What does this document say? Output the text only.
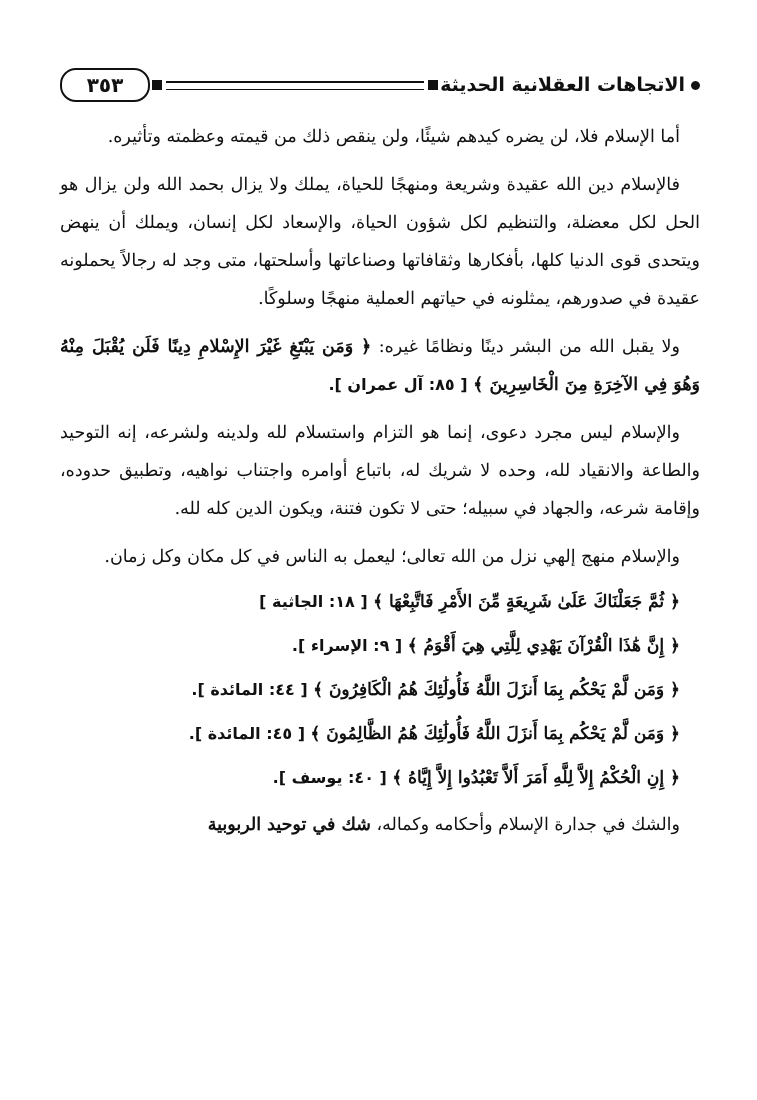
الاتجاهات العقلانية الحديثة
٣٥٣

أما الإسلام فلا، لن يضره كيدهم شيئًا، ولن ينقص ذلك من قيمته وعظمته وتأثيره.

فالإسلام دين الله عقيدة وشريعة ومنهجًا للحياة، يملك ولا يزال بحمد الله ولن يزال هو الحل لكل معضلة، والتنظيم لكل شؤون الحياة، والإسعاد لكل إنسان، ويملك أن ينهض ويتحدى قوى الدنيا كلها، بأفكارها وثقافاتها وصناعاتها وأسلحتها، متى وجد له رجالاً يحملونه عقيدة في صدورهم، يمثلونه في حياتهم العملية منهجًا وسلوكًا.

ولا يقبل الله من البشر دينًا ونظامًا غيره: ﴿ وَمَن يَبْتَغِ غَيْرَ الإِسْلامِ دِينًا فَلَن يُقْبَلَ مِنْهُ وَهُوَ فِي الآخِرَةِ مِنَ الْخَاسِرِينَ ﴾ [ ٨٥: آل عمران ].

والإسلام ليس مجرد دعوى، إنما هو التزام واستسلام لله ولدينه ولشرعه، إنه التوحيد والطاعة والانقياد لله، وحده لا شريك له، باتباع أوامره واجتناب نواهيه، وتطبيق حدوده، وإقامة شرعه، والجهاد في سبيله؛ حتى لا تكون فتنة، ويكون الدين كله لله.

والإسلام منهج إلهي نزل من الله تعالى؛ ليعمل به الناس في كل مكان وكل زمان.

﴿ ثُمَّ جَعَلْنَاكَ عَلَىٰ شَرِيعَةٍ مِّنَ الأَمْرِ فَاتَّبِعْهَا ﴾ [ ١٨: الجاثية ]
﴿ إِنَّ هَٰذَا الْقُرْآنَ يَهْدِي لِلَّتِي هِيَ أَقْوَمُ ﴾ [ ٩: الإسراء ].
﴿ وَمَن لَّمْ يَحْكُم بِمَا أَنزَلَ اللَّهُ فَأُولَٰئِكَ هُمُ الْكَافِرُونَ ﴾ [ ٤٤: المائدة ].
﴿ وَمَن لَّمْ يَحْكُم بِمَا أَنزَلَ اللَّهُ فَأُولَٰئِكَ هُمُ الظَّالِمُونَ ﴾ [ ٤٥: المائدة ].
﴿ إِنِ الْحُكْمُ إِلاَّ لِلَّهِ أَمَرَ أَلاَّ تَعْبُدُوا إِلاَّ إِيَّاهُ ﴾ [ ٤٠: يوسف ].

والشك في جدارة الإسلام وأحكامه وكماله، شك في توحيد الربوبية
